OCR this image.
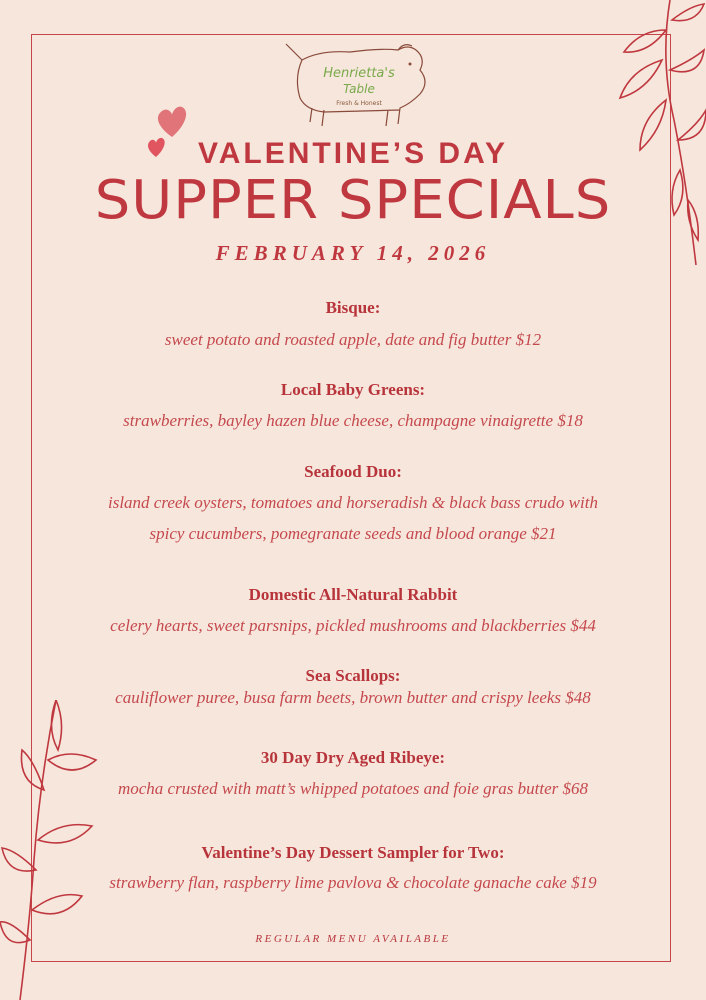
Henrietta's
Table
Fresh & Honest
VALENTINE’S DAY
SUPPER SPECIALS
FEBRUARY 14, 2026
Bisque:
sweet potato and roasted apple, date and fig butter $12
Local Baby Greens:
strawberries, bayley hazen blue cheese, champagne vinaigrette $18
Seafood Duo:
island creek oysters, tomatoes and horseradish & black bass crudo with
spicy cucumbers, pomegranate seeds and blood orange $21
Domestic All-Natural Rabbit
celery hearts, sweet parsnips, pickled mushrooms and blackberries $44
Sea Scallops:
cauliflower puree, busa farm beets, brown butter and crispy leeks $48
30 Day Dry Aged Ribeye:
mocha crusted with matt’s whipped potatoes and foie gras butter $68
Valentine’s Day Dessert Sampler for Two:
strawberry flan, raspberry lime pavlova & chocolate ganache cake $19
REGULAR MENU AVAILABLE
